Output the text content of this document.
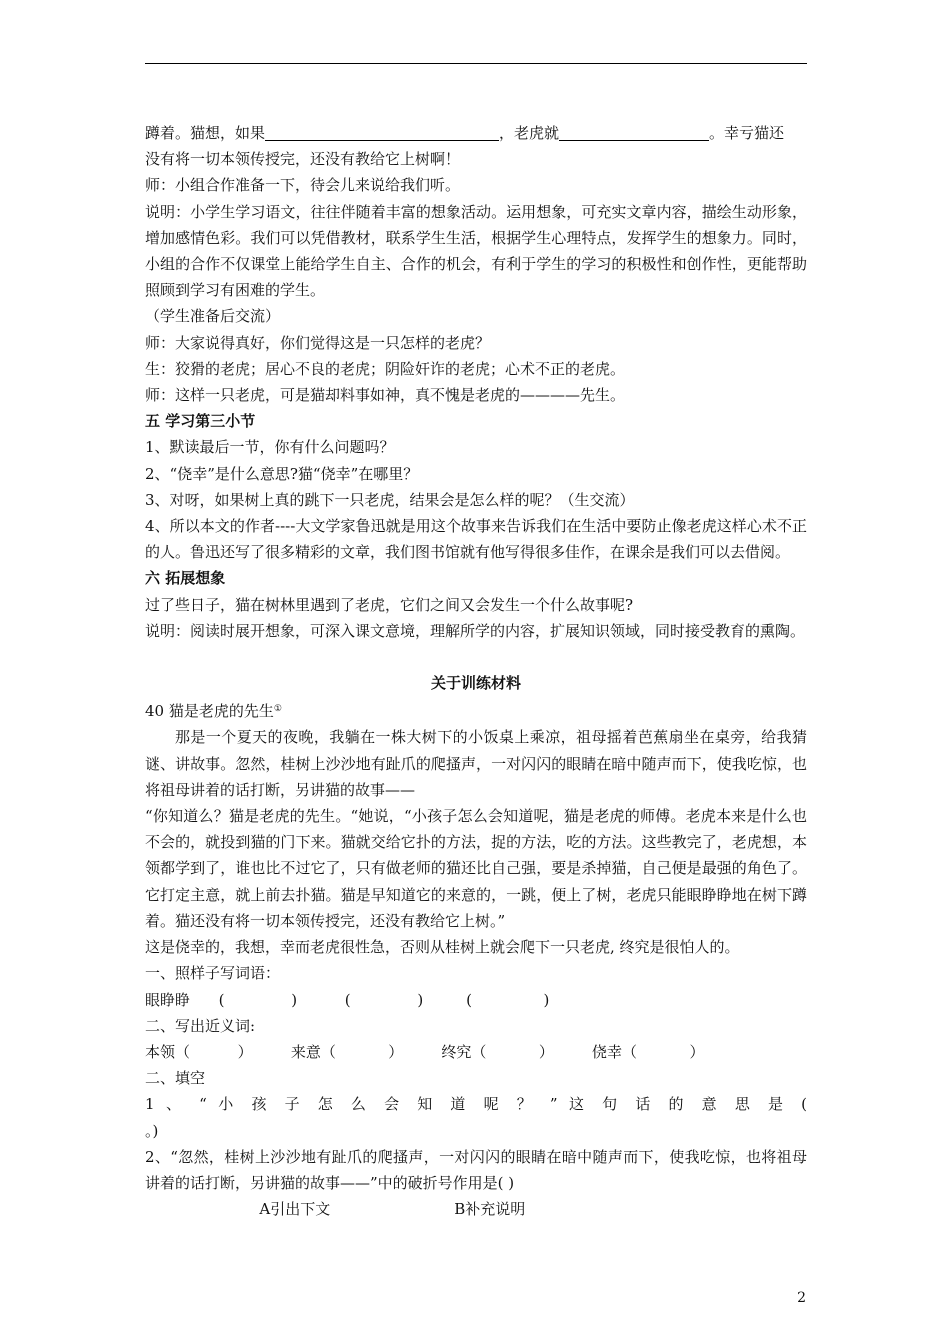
蹲着。猫想，如果	，老虎就	。幸亏猫还

没有将一切本领传授完，还没有教给它上树啊！

师：小组合作准备一下，待会儿来说给我们听。

说明：小学生学习语文，往往伴随着丰富的想象活动。运用想象，可充实文章内容，描绘生动形象，增加感情色彩。我们可以凭借教材，联系学生生活，根据学生心理特点，发挥学生的想象力。同时，小组的合作不仅课堂上能给学生自主、合作的机会，有利于学生的学习的积极性和创作性，更能帮助照顾到学习有困难的学生。

（学生准备后交流）

师：大家说得真好，你们觉得这是一只怎样的老虎？

生：狡猾的老虎；居心不良的老虎；阴险奸诈的老虎；心术不正的老虎。

师：这样一只老虎，可是猫却料事如神，真不愧是老虎的————先生。

五 学习第三小节

1、默读最后一节，你有什么问题吗？

2、“侥幸”是什么意思?猫“侥幸”在哪里？

3、对呀，如果树上真的跳下一只老虎，结果会是怎么样的呢？（生交流）

4、所以本文的作者----大文学家鲁迅就是用这个故事来告诉我们在生活中要防止像老虎这样心术不正的人。鲁迅还写了很多精彩的文章，我们图书馆就有他写得很多佳作，在课余是我们可以去借阅。

六 拓展想象

过了些日子，猫在树林里遇到了老虎，它们之间又会发生一个什么故事呢?

说明：阅读时展开想象，可深入课文意境，理解所学的内容，扩展知识领域，同时接受教育的熏陶。

关于训练材料

40 猫是老虎的先生①

那是一个夏天的夜晚，我躺在一株大树下的小饭桌上乘凉，祖母摇着芭蕉扇坐在桌旁，给我猜谜、讲故事。忽然，桂树上沙沙地有趾爪的爬搔声，一对闪闪的眼睛在暗中随声而下，使我吃惊，也将祖母讲着的话打断，另讲猫的故事——

“你知道么？猫是老虎的先生。“她说，“小孩子怎么会知道呢，猫是老虎的师傅。老虎本来是什么也不会的，就投到猫的门下来。猫就交给它扑的方法，捉的方法，吃的方法。这些教完了，老虎想，本领都学到了，谁也比不过它了，只有做老师的猫还比自己强，要是杀掉猫，自己便是最强的角色了。它打定主意，就上前去扑猫。猫是早知道它的来意的，一跳，便上了树，老虎只能眼睁睁地在树下蹲着。猫还没有将一切本领传授完，还没有教给它上树。”

这是侥幸的，我想，幸而老虎很性急，否则从桂树上就会爬下一只老虎, 终究是很怕人的。

一、照样子写词语：

眼睁睁      (              )          (              )         (               )

二、写出近义词:

本领（          ）        来意（           ）        终究（           ）        侥幸（           ）

二、填空

1 、 “ 小 孩 子 怎 么 会 知 道 呢 ？ ” 这 句 话 的 意 思 是 (

。)

2、“忽然，桂树上沙沙地有趾爪的爬搔声，一对闪闪的眼睛在暗中随声而下，使我吃惊，也将祖母讲着的话打断，另讲猫的故事——”中的破折号作用是( )

A引出下文                          B补充说明

2
